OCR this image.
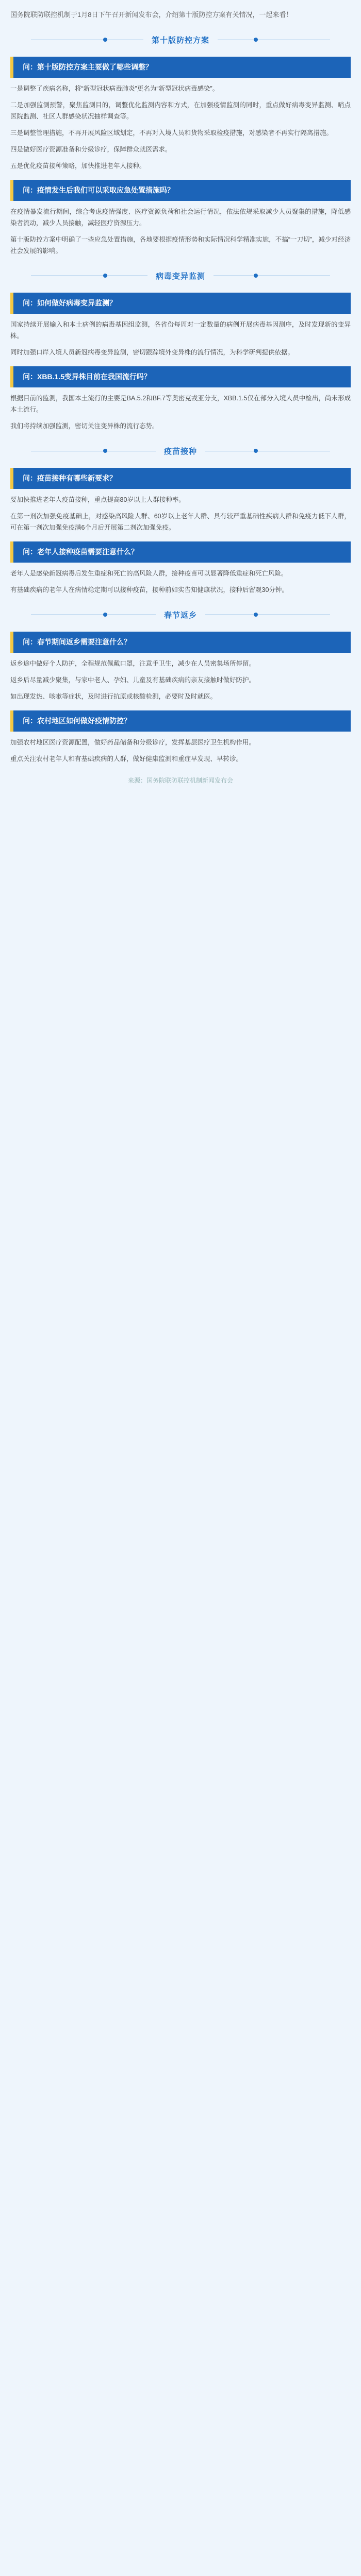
国务院联防联控机制于1月8日下午召开新闻发布会，介绍第十版防控方案有关情况，一起来看！

第十版防控方案
问：第十版防控方案主要做了哪些调整？

一是调整了疾病名称，将“新型冠状病毒肺炎”更名为“新型冠状病毒感染”。

二是加强监测预警，聚焦监测目的，调整优化监测内容和方式，在加强疫情监测的同时，重点做好病毒变异监测、哨点医院监测、社区人群感染状况抽样调查等。

三是调整管理措施，不再开展风险区域划定，不再对入境人员和货物采取检疫措施，对感染者不再实行隔离措施。

四是做好医疗资源准备和分级诊疗，保障群众就医需求。

五是优化疫苗接种策略，加快推进老年人接种。

问：疫情发生后我们可以采取应急处置措施吗？

在疫情暴发流行期间，综合考虑疫情强度、医疗资源负荷和社会运行情况，依法依规采取减少人员聚集的措施，降低感染者流动，减少人员接触，减轻医疗资源压力。

第十版防控方案中明确了一些应急处置措施，各地要根据疫情形势和实际情况科学精准实施，不搞“一刀切”，减少对经济社会发展的影响。

病毒变异监测
问：如何做好病毒变异监测？

国家持续开展输入和本土病例的病毒基因组监测，各省份每周对一定数量的病例开展病毒基因测序，及时发现新的变异株。

同时加强口岸入境人员新冠病毒变异监测，密切跟踪境外变异株的流行情况，为科学研判提供依据。

问：XBB.1.5变异株目前在我国流行吗？

根据目前的监测，我国本土流行的主要是BA.5.2和BF.7等奥密克戎亚分支，XBB.1.5仅在部分入境人员中检出，尚未形成本土流行。

我们将持续加强监测，密切关注变异株的流行态势。

疫苗接种
问：疫苗接种有哪些新要求？

要加快推进老年人疫苗接种，重点提高80岁以上人群接种率。

在第一剂次加强免疫基础上，对感染高风险人群、60岁以上老年人群、具有较严重基础性疾病人群和免疫力低下人群，可在第一剂次加强免疫满6个月后开展第二剂次加强免疫。

问：老年人接种疫苗需要注意什么？

老年人是感染新冠病毒后发生重症和死亡的高风险人群，接种疫苗可以显著降低重症和死亡风险。

有基础疾病的老年人在病情稳定期可以接种疫苗，接种前如实告知健康状况，接种后留观30分钟。

春节返乡
问：春节期间返乡需要注意什么？

返乡途中做好个人防护，全程规范佩戴口罩，注意手卫生，减少在人员密集场所停留。

返乡后尽量减少聚集，与家中老人、孕妇、儿童及有基础疾病的亲友接触时做好防护。

如出现发热、咳嗽等症状，及时进行抗原或核酸检测，必要时及时就医。

问：农村地区如何做好疫情防控？

加强农村地区医疗资源配置，做好药品储备和分级诊疗，发挥基层医疗卫生机构作用。

重点关注农村老年人和有基础疾病的人群，做好健康监测和重症早发现、早转诊。

来源：国务院联防联控机制新闻发布会
